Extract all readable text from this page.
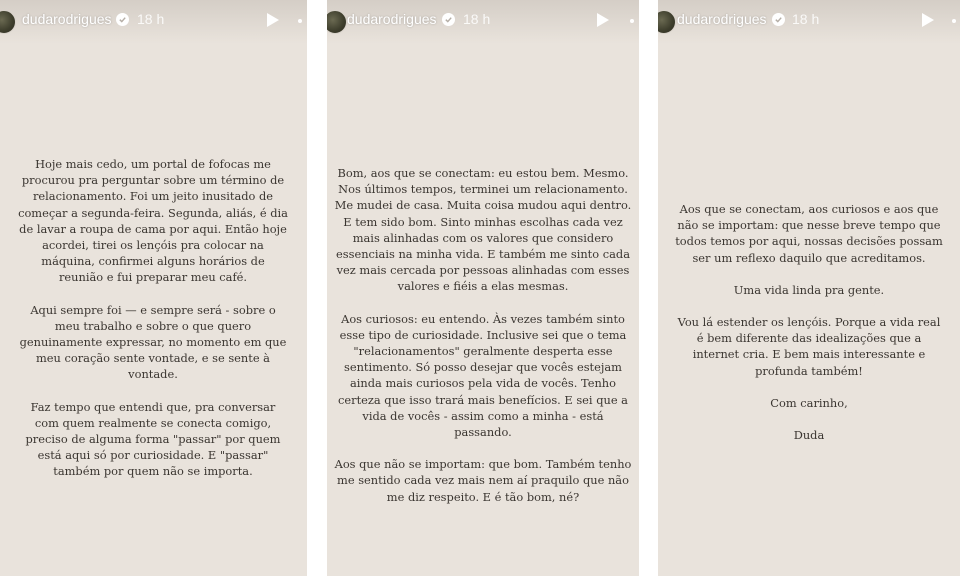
dudarodrigues 18 h

Hoje mais cedo, um portal de fofocas me procurou pra perguntar sobre um término de relacionamento. Foi um jeito inusitado de começar a segunda-feira. Segunda, aliás, é dia de lavar a roupa de cama por aqui. Então hoje acordei, tirei os lençóis pra colocar na máquina, confirmei alguns horários de reunião e fui preparar meu café.

Aqui sempre foi — e sempre será - sobre o meu trabalho e sobre o que quero genuinamente expressar, no momento em que meu coração sente vontade, e se sente à vontade.

Faz tempo que entendi que, pra conversar com quem realmente se conecta comigo, preciso de alguma forma "passar" por quem está aqui só por curiosidade. E "passar" também por quem não se importa.

dudarodrigues 18 h

Bom, aos que se conectam: eu estou bem. Mesmo. Nos últimos tempos, terminei um relacionamento. Me mudei de casa. Muita coisa mudou aqui dentro. E tem sido bom. Sinto minhas escolhas cada vez mais alinhadas com os valores que considero essenciais na minha vida. E também me sinto cada vez mais cercada por pessoas alinhadas com esses valores e fiéis a elas mesmas.

Aos curiosos: eu entendo. Às vezes também sinto esse tipo de curiosidade. Inclusive sei que o tema "relacionamentos" geralmente desperta esse sentimento. Só posso desejar que vocês estejam ainda mais curiosos pela vida de vocês. Tenho certeza que isso trará mais benefícios. E sei que a vida de vocês - assim como a minha - está passando.

Aos que não se importam: que bom. Também tenho me sentido cada vez mais nem aí praquilo que não me diz respeito. E é tão bom, né?

dudarodrigues 18 h

Aos que se conectam, aos curiosos e aos que não se importam: que nesse breve tempo que todos temos por aqui, nossas decisões possam ser um reflexo daquilo que acreditamos.

Uma vida linda pra gente.

Vou lá estender os lençóis. Porque a vida real é bem diferente das idealizações que a internet cria. E bem mais interessante e profunda também!

Com carinho,

Duda
